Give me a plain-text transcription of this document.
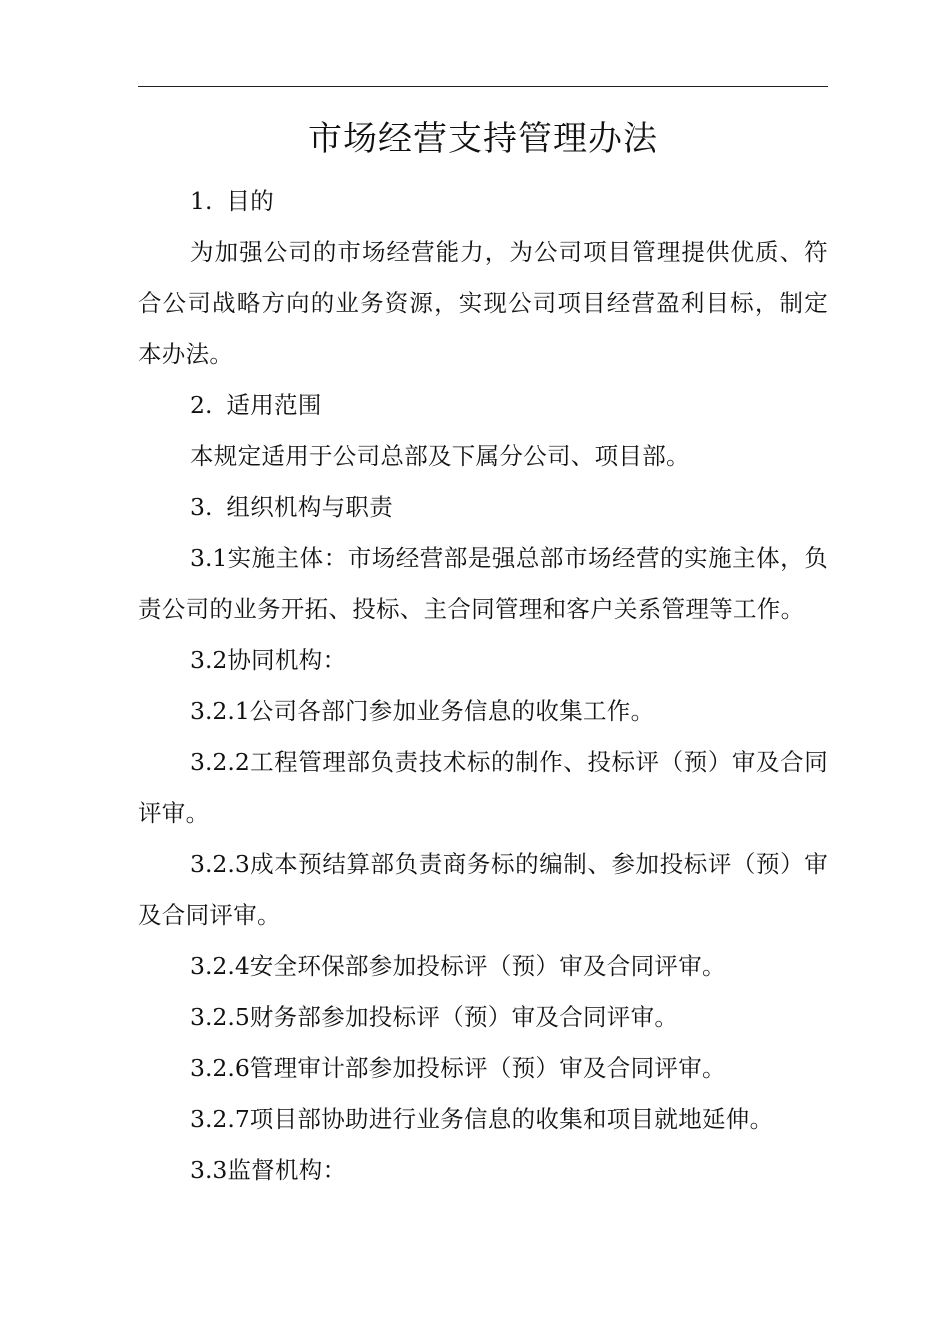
市场经营支持管理办法

1. 目的

为加强公司的市场经营能力，为公司项目管理提供优质、符合公司战略方向的业务资源，实现公司项目经营盈利目标，制定本办法。

2. 适用范围

本规定适用于公司总部及下属分公司、项目部。

3. 组织机构与职责

3.1实施主体：市场经营部是强总部市场经营的实施主体，负责公司的业务开拓、投标、主合同管理和客户关系管理等工作。

3.2协同机构：

3.2.1公司各部门参加业务信息的收集工作。

3.2.2工程管理部负责技术标的制作、投标评（预）审及合同评审。

3.2.3成本预结算部负责商务标的编制、参加投标评（预）审及合同评审。

3.2.4安全环保部参加投标评（预）审及合同评审。

3.2.5财务部参加投标评（预）审及合同评审。

3.2.6管理审计部参加投标评（预）审及合同评审。

3.2.7项目部协助进行业务信息的收集和项目就地延伸。

3.3监督机构：
